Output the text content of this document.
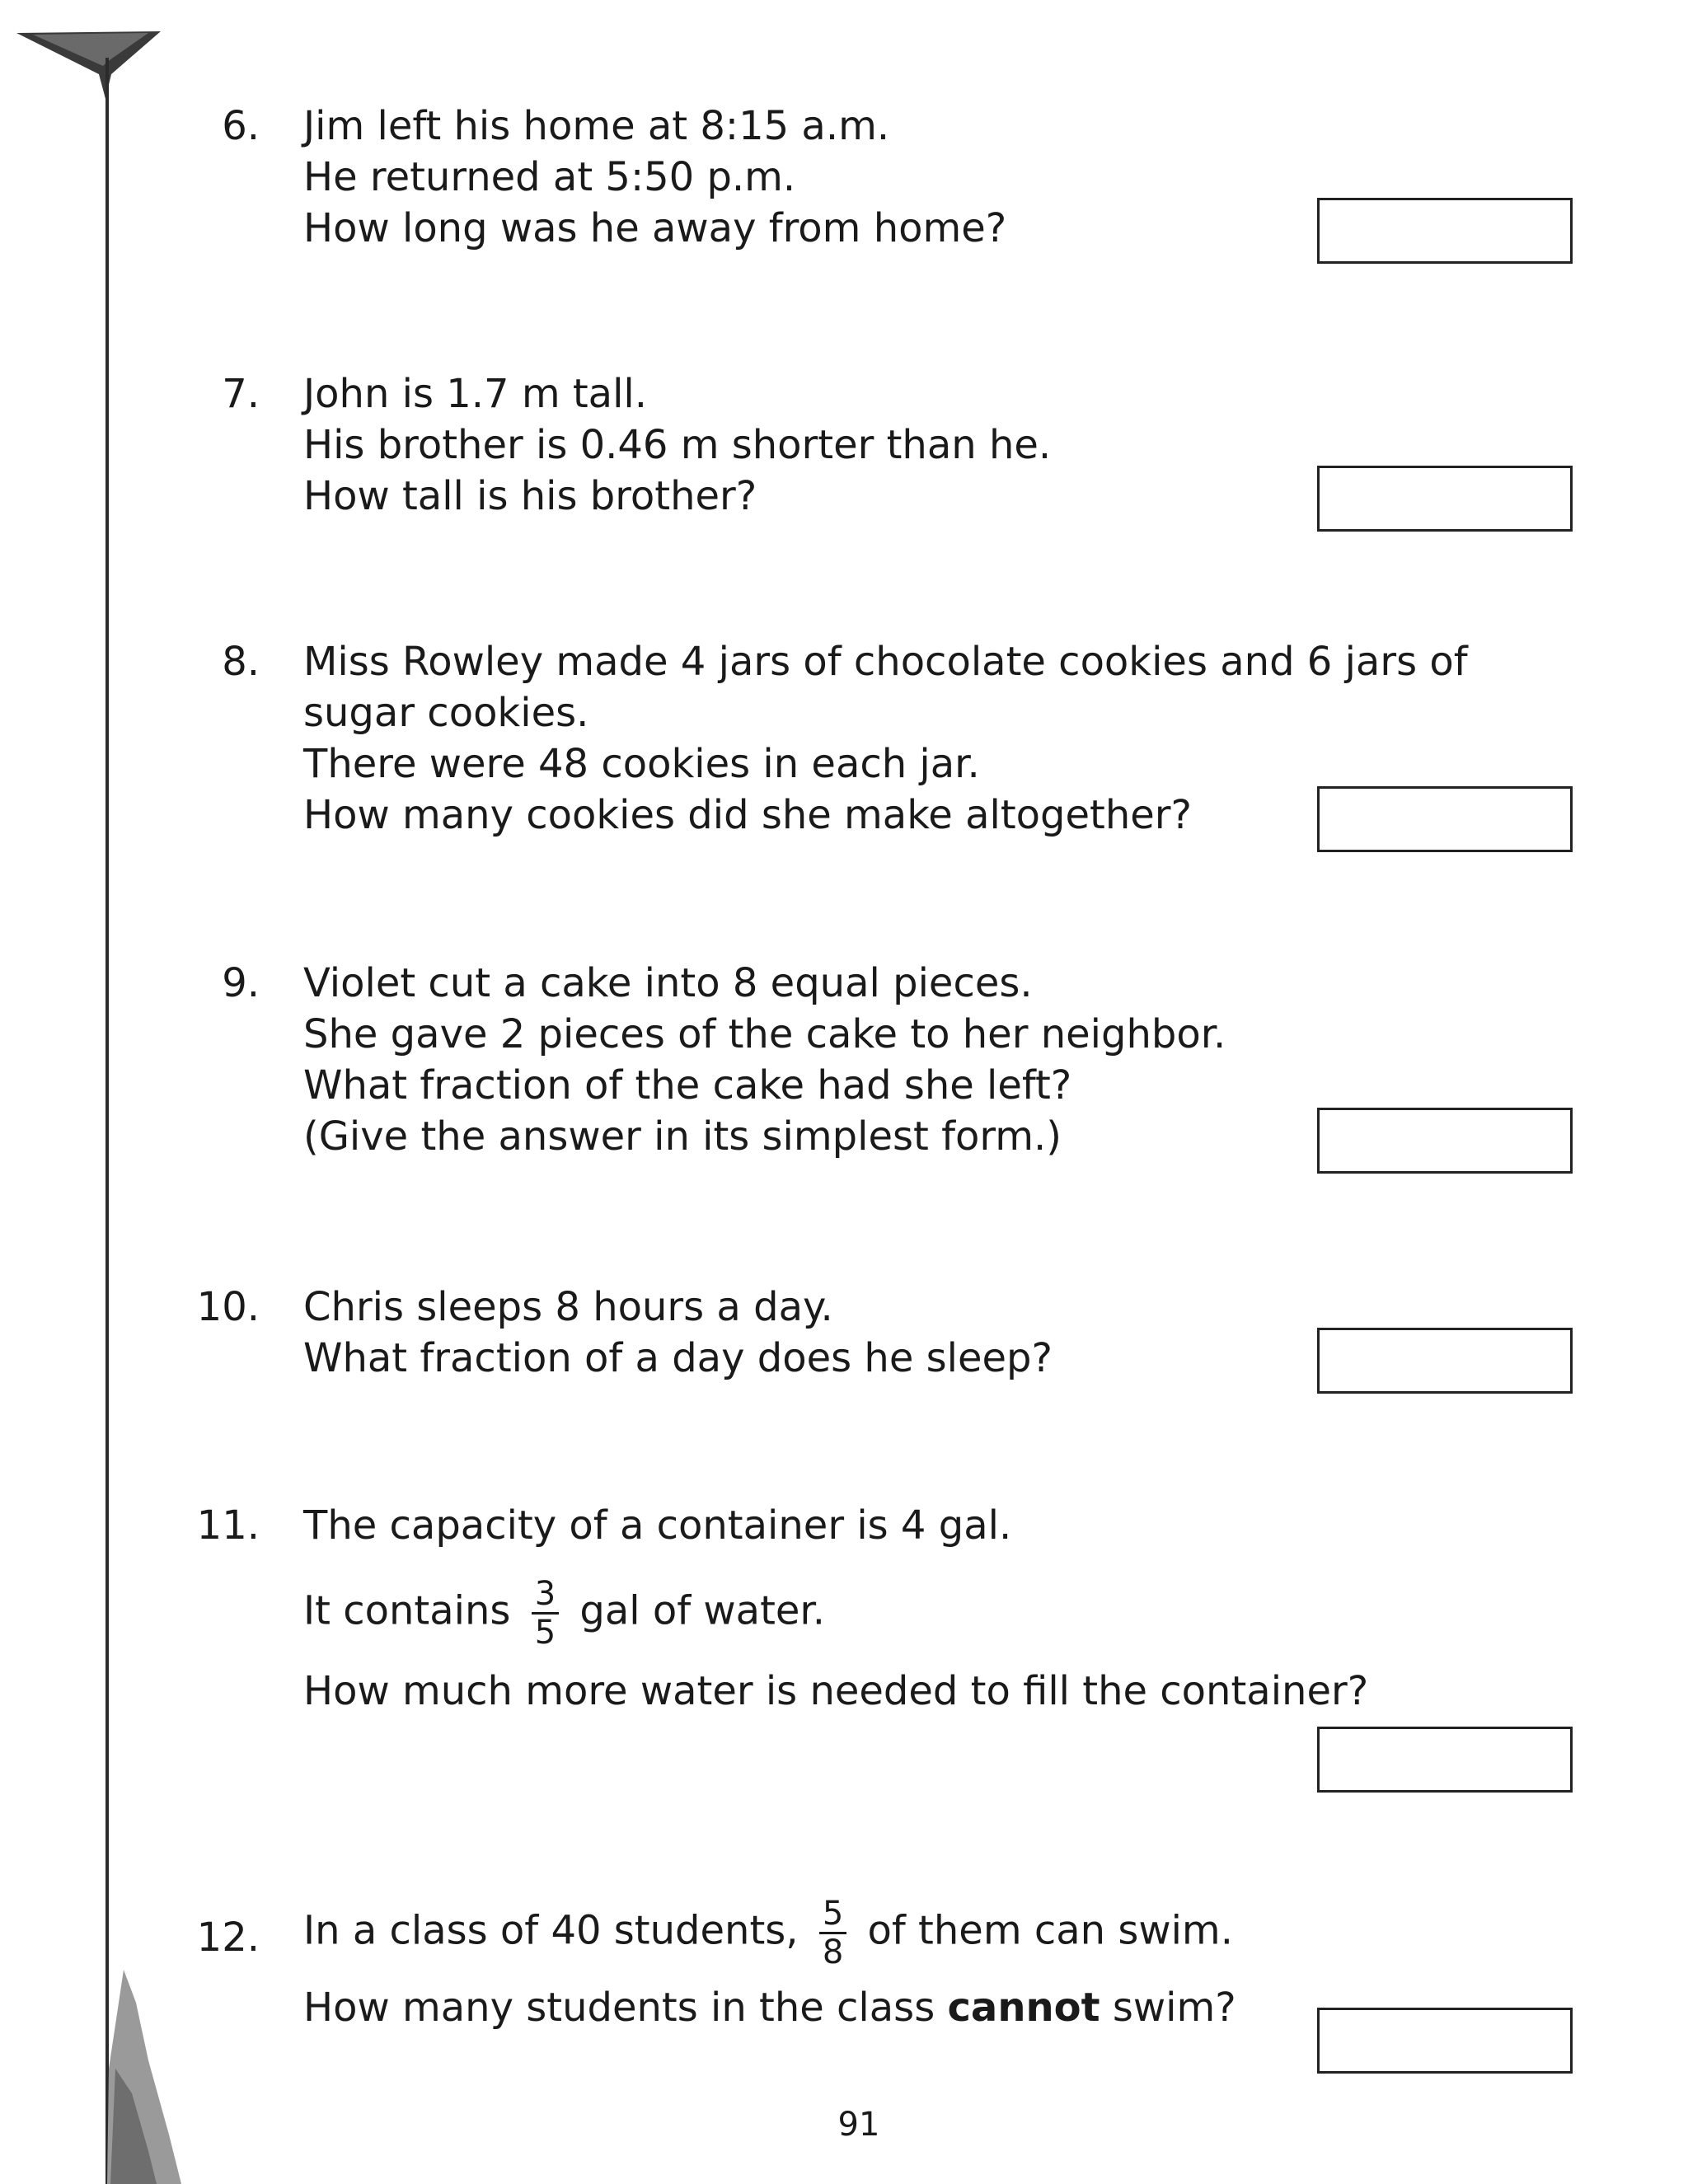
6. Jim left his home at 8:15 a.m.
He returned at 5:50 p.m.
How long was he away from home?
7. John is 1.7 m tall.
His brother is 0.46 m shorter than he.
How tall is his brother?
8. Miss Rowley made 4 jars of chocolate cookies and 6 jars of
sugar cookies.
There were 48 cookies in each jar.
How many cookies did she make altogether?
9. Violet cut a cake into 8 equal pieces.
She gave 2 pieces of the cake to her neighbor.
What fraction of the cake had she left?
(Give the answer in its simplest form.)
10. Chris sleeps 8 hours a day.
What fraction of a day does he sleep?
11. The capacity of a container is 4 gal.
It contains $\frac{3}{5}$ gal of water.
How much more water is needed to fill the container?
12. In a class of 40 students, $\frac{5}{8}$ of them can swim.
How many students in the class cannot swim?
91
